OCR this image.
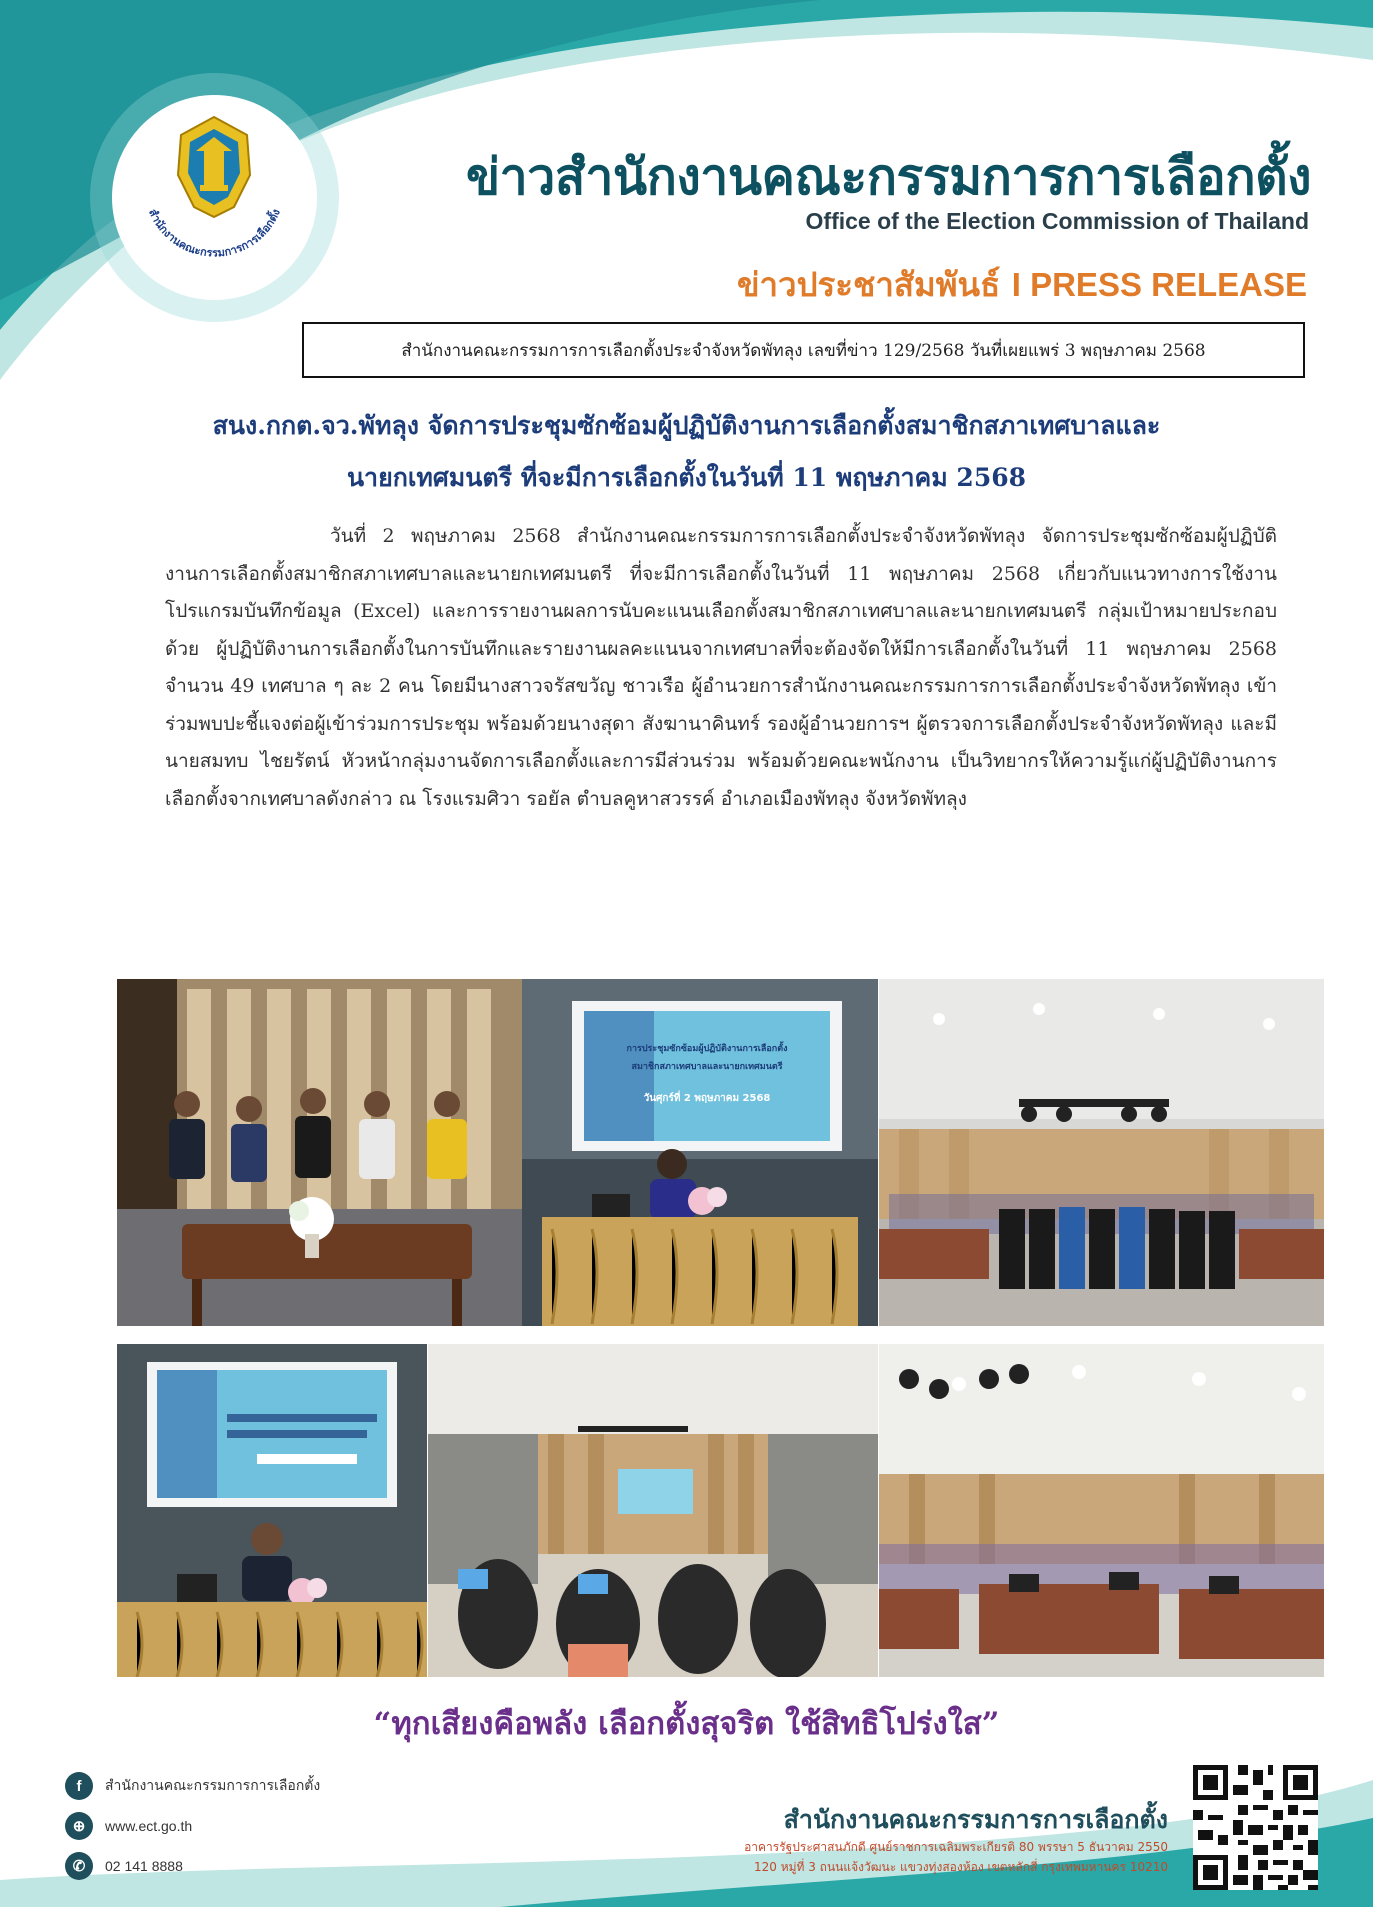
สำนักงานคณะกรรมการการเลือกตั้ง
ข่าวสำนักงานคณะกรรมการการเลือกตั้ง

Office of the Election Commission of Thailand

ข่าวประชาสัมพันธ์ I PRESS RELEASE

สำนักงานคณะกรรมการการเลือกตั้งประจำจังหวัดพัทลุง เลขที่ข่าว 129/2568 วันที่เผยแพร่ 3 พฤษภาคม 2568
สนง.กกต.จว.พัทลุง จัดการประชุมซักซ้อมผู้ปฏิบัติงานการเลือกตั้งสมาชิกสภาเทศบาลและ
นายกเทศมนตรี ที่จะมีการเลือกตั้งในวันที่ 11 พฤษภาคม 2568

วันที่ 2 พฤษภาคม 2568 สำนักงานคณะกรรมการการเลือกตั้งประจำจังหวัดพัทลุง จัดการประชุมซักซ้อมผู้ปฏิบัติงานการเลือกตั้งสมาชิกสภาเทศบาลและนายกเทศมนตรี ที่จะมีการเลือกตั้งในวันที่ 11 พฤษภาคม 2568 เกี่ยวกับแนวทางการใช้งานโปรแกรมบันทึกข้อมูล (Excel) และการรายงานผลการนับคะแนนเลือกตั้งสมาชิกสภาเทศบาลและนายกเทศมนตรี กลุ่มเป้าหมายประกอบด้วย ผู้ปฏิบัติงานการเลือกตั้งในการบันทึกและรายงานผลคะแนนจากเทศบาลที่จะต้องจัดให้มีการเลือกตั้งในวันที่ 11 พฤษภาคม 2568 จำนวน 49 เทศบาล ๆ ละ 2 คน โดยมีนางสาวจรัสขวัญ ชาวเรือ ผู้อำนวยการสำนักงานคณะกรรมการการเลือกตั้งประจำจังหวัดพัทลุง เข้าร่วมพบปะชี้แจงต่อผู้เข้าร่วมการประชุม พร้อมด้วยนางสุดา สังฆานาคินทร์ รองผู้อำนวยการฯ ผู้ตรวจการเลือกตั้งประจำจังหวัดพัทลุง และมีนายสมทบ ไชยรัตน์ หัวหน้ากลุ่มงานจัดการเลือกตั้งและการมีส่วนร่วม พร้อมด้วยคณะพนักงาน เป็นวิทยากรให้ความรู้แก่ผู้ปฏิบัติงานการเลือกตั้งจากเทศบาลดังกล่าว ณ โรงแรมศิวา รอยัล ตำบลคูหาสวรรค์ อำเภอเมืองพัทลุง จังหวัดพัทลุง

การประชุมซักซ้อมผู้ปฏิบัติงานการเลือกตั้ง
สมาชิกสภาเทศบาลและนายกเทศมนตรี
วันศุกร์ที่ 2 พฤษภาคม 2568

“ทุกเสียงคือพลัง เลือกตั้งสุจริต ใช้สิทธิโปร่งใส”

f	สำนักงานคณะกรรมการการเลือกตั้ง
⊕	www.ect.go.th
✆	02 141 8888

สำนักงานคณะกรรมการการเลือกตั้ง

อาคารรัฐประศาสนภักดี ศูนย์ราชการเฉลิมพระเกียรติ 80 พรรษา 5 ธันวาคม 2550

120 หมู่ที่ 3 ถนนแจ้งวัฒนะ แขวงทุ่งสองห้อง เขตหลักสี่ กรุงเทพมหานคร 10210
